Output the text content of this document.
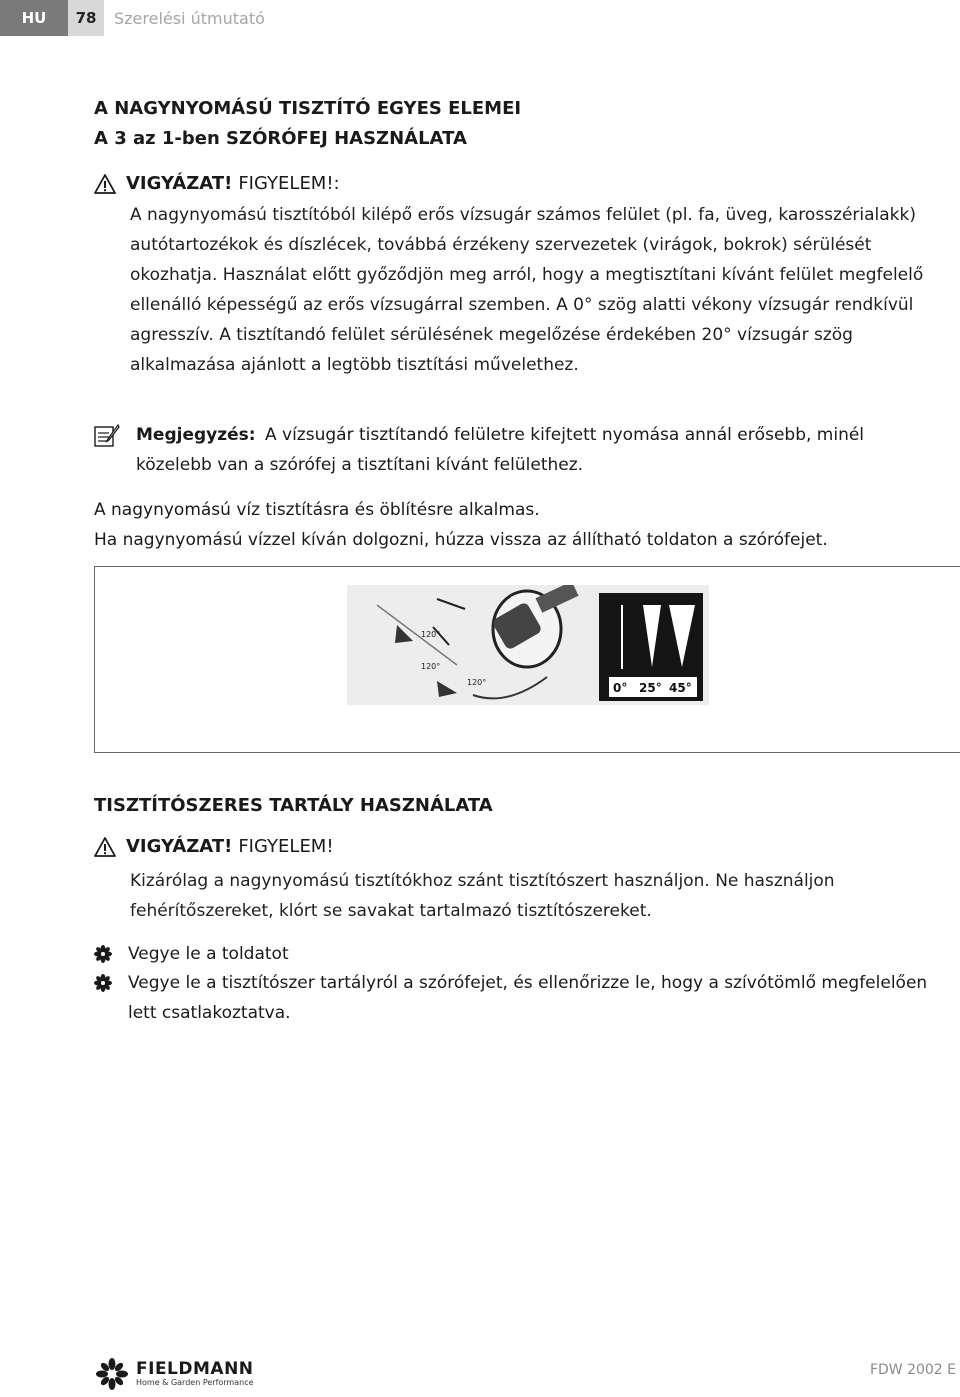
HU	78	Szerelési útmutató
A NAGYNYOMÁSÚ TISZTÍTÓ EGYES ELEMEI
A 3 az 1-ben SZÓRÓFEJ HASZNÁLATA
VIGYÁZAT! FIGYELEM!:

A nagynyomású tisztítóból kilépő erős vízsugár számos felület (pl. fa, üveg, karosszérialakk) autótartozékok és díszlécek, továbbá érzékeny szervezetek (virágok, bokrok) sérülését okozhatja. Használat előtt győződjön meg arról, hogy a megtisztítani kívánt felület megfelelő ellenálló képességű az erős vízsugárral szemben. A 0° szög alatti vékony vízsugár rendkívül agresszív. A tisztítandó felület sérülésének megelőzése érdekében 20° vízsugár szög alkalmazása ajánlott a legtöbb tisztítási művelethez.

Megjegyzés: A vízsugár tisztítandó felületre kifejtett nyomása annál erősebb, minél közelebb van a szórófej a tisztítani kívánt felülethez.

A nagynyomású víz tisztításra és öblítésre alkalmas.

Ha nagynyomású vízzel kíván dolgozni, húzza vissza az állítható toldaton a szórófejet.

120°
120°
120°	0° 25° 45°
TISZTÍTÓSZERES TARTÁLY HASZNÁLATA
VIGYÁZAT! FIGYELEM!

Kizárólag a nagynyomású tisztítókhoz szánt tisztítószert használjon. Ne használjon fehérítőszereket, klórt se savakat tartalmazó tisztítószereket.

Vegye le a toldatot
Vegye le a tisztítószer tartályról a szórófejet, és ellenőrizze le, hogy a szívótömlő megfelelően lett csatlakoztatva.
FIELDMANN
Home & Garden Performance
FDW 2002 E
